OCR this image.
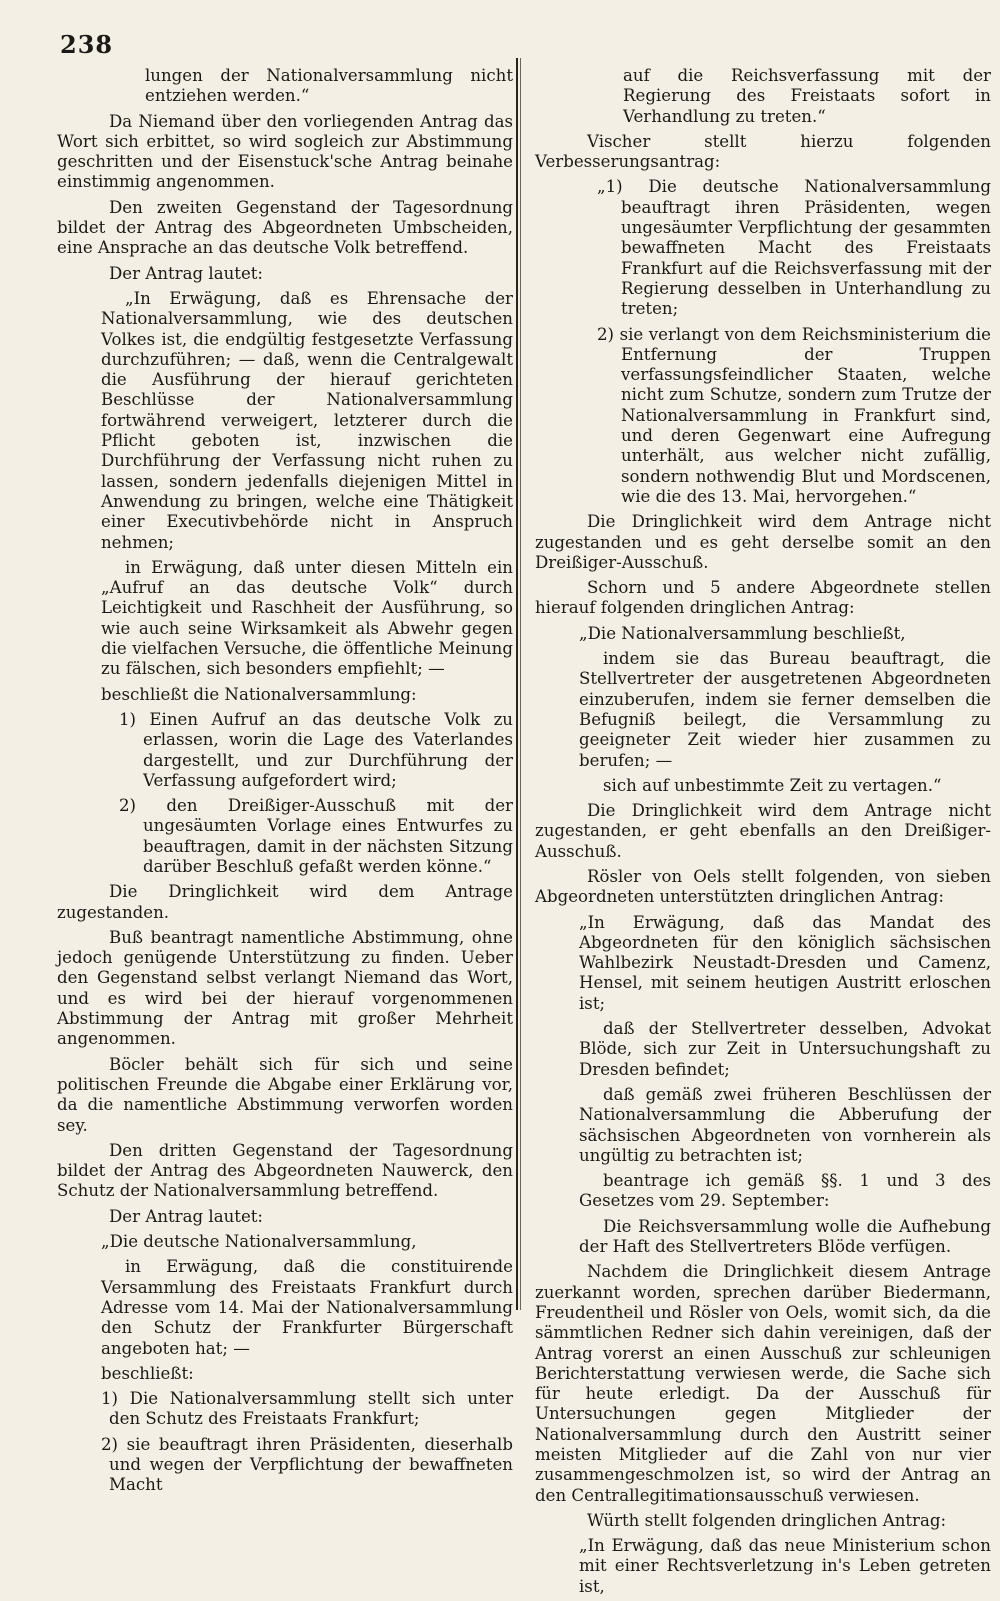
238

lungen der Nationalversammlung nicht entziehen werden.“

Da Niemand über den vorliegenden Antrag das Wort sich erbittet, so wird sogleich zur Abstimmung geschritten und der Eisenstuck'sche Antrag beinahe einstimmig angenommen.

Den zweiten Gegenstand der Tagesordnung bildet der Antrag des Abgeordneten Umbscheiden, eine Ansprache an das deutsche Volk betreffend.

Der Antrag lautet:

„In Erwägung, daß es Ehrensache der Nationalversammlung, wie des deutschen Volkes ist, die endgültig festgesetzte Verfassung durchzuführen; — daß, wenn die Centralgewalt die Ausführung der hierauf gerichteten Beschlüsse der Nationalversammlung fortwährend verweigert, letzterer durch die Pflicht geboten ist, inzwischen die Durchführung der Verfassung nicht ruhen zu lassen, sondern jedenfalls diejenigen Mittel in Anwendung zu bringen, welche eine Thätigkeit einer Executivbehörde nicht in Anspruch nehmen;

in Erwägung, daß unter diesen Mitteln ein „Aufruf an das deutsche Volk“ durch Leichtigkeit und Raschheit der Ausführung, so wie auch seine Wirksamkeit als Abwehr gegen die vielfachen Versuche, die öffentliche Meinung zu fälschen, sich besonders empfiehlt; —

beschließt die Nationalversammlung:

1) Einen Aufruf an das deutsche Volk zu erlassen, worin die Lage des Vaterlandes dargestellt, und zur Durchführung der Verfassung aufgefordert wird;

2) den Dreißiger-Ausschuß mit der ungesäumten Vorlage eines Entwurfes zu beauftragen, damit in der nächsten Sitzung darüber Beschluß gefaßt werden könne.“

Die Dringlichkeit wird dem Antrage zugestanden.

Buß beantragt namentliche Abstimmung, ohne jedoch genügende Unterstützung zu finden. Ueber den Gegenstand selbst verlangt Niemand das Wort, und es wird bei der hierauf vorgenommenen Abstimmung der Antrag mit großer Mehrheit angenommen.

Böcler behält sich für sich und seine politischen Freunde die Abgabe einer Erklärung vor, da die namentliche Abstimmung verworfen worden sey.

Den dritten Gegenstand der Tagesordnung bildet der Antrag des Abgeordneten Nauwerck, den Schutz der Nationalversammlung betreffend.

Der Antrag lautet:

„Die deutsche Nationalversammlung,

in Erwägung, daß die constituirende Versammlung des Freistaats Frankfurt durch Adresse vom 14. Mai der Nationalversammlung den Schutz der Frankfurter Bürgerschaft angeboten hat; —

beschließt:

1) Die Nationalversammlung stellt sich unter den Schutz des Freistaats Frankfurt;

2) sie beauftragt ihren Präsidenten, dieserhalb und wegen der Verpflichtung der bewaffneten Macht

auf die Reichsverfassung mit der Regierung des Freistaats sofort in Verhandlung zu treten.“

Vischer stellt hierzu folgenden Verbesserungsantrag:

„1) Die deutsche Nationalversammlung beauftragt ihren Präsidenten, wegen ungesäumter Verpflichtung der gesammten bewaffneten Macht des Freistaats Frankfurt auf die Reichsverfassung mit der Regierung desselben in Unterhandlung zu treten;

2) sie verlangt von dem Reichsministerium die Entfernung der Truppen verfassungsfeindlicher Staaten, welche nicht zum Schutze, sondern zum Trutze der Nationalversammlung in Frankfurt sind, und deren Gegenwart eine Aufregung unterhält, aus welcher nicht zufällig, sondern nothwendig Blut und Mordscenen, wie die des 13. Mai, hervorgehen.“

Die Dringlichkeit wird dem Antrage nicht zugestanden und es geht derselbe somit an den Dreißiger-Ausschuß.

Schorn und 5 andere Abgeordnete stellen hierauf folgenden dringlichen Antrag:

„Die Nationalversammlung beschließt,

indem sie das Bureau beauftragt, die Stellvertreter der ausgetretenen Abgeordneten einzuberufen, indem sie ferner demselben die Befugniß beilegt, die Versammlung zu geeigneter Zeit wieder hier zusammen zu berufen; —

sich auf unbestimmte Zeit zu vertagen.“

Die Dringlichkeit wird dem Antrage nicht zugestanden, er geht ebenfalls an den Dreißiger-Ausschuß.

Rösler von Oels stellt folgenden, von sieben Abgeordneten unterstützten dringlichen Antrag:

„In Erwägung, daß das Mandat des Abgeordneten für den königlich sächsischen Wahlbezirk Neustadt-Dresden und Camenz, Hensel, mit seinem heutigen Austritt erloschen ist;

daß der Stellvertreter desselben, Advokat Blöde, sich zur Zeit in Untersuchungshaft zu Dresden befindet;

daß gemäß zwei früheren Beschlüssen der Nationalversammlung die Abberufung der sächsischen Abgeordneten von vornherein als ungültig zu betrachten ist;

beantrage ich gemäß §§. 1 und 3 des Gesetzes vom 29. September:

Die Reichsversammlung wolle die Aufhebung der Haft des Stellvertreters Blöde verfügen.

Nachdem die Dringlichkeit diesem Antrage zuerkannt worden, sprechen darüber Biedermann, Freudentheil und Rösler von Oels, womit sich, da die sämmtlichen Redner sich dahin vereinigen, daß der Antrag vorerst an einen Ausschuß zur schleunigen Berichterstattung verwiesen werde, die Sache sich für heute erledigt. Da der Ausschuß für Untersuchungen gegen Mitglieder der Nationalversammlung durch den Austritt seiner meisten Mitglieder auf die Zahl von nur vier zusammengeschmolzen ist, so wird der Antrag an den Centrallegitimationsausschuß verwiesen.

Würth stellt folgenden dringlichen Antrag:

„In Erwägung, daß das neue Ministerium schon mit einer Rechtsverletzung in's Leben getreten ist,
